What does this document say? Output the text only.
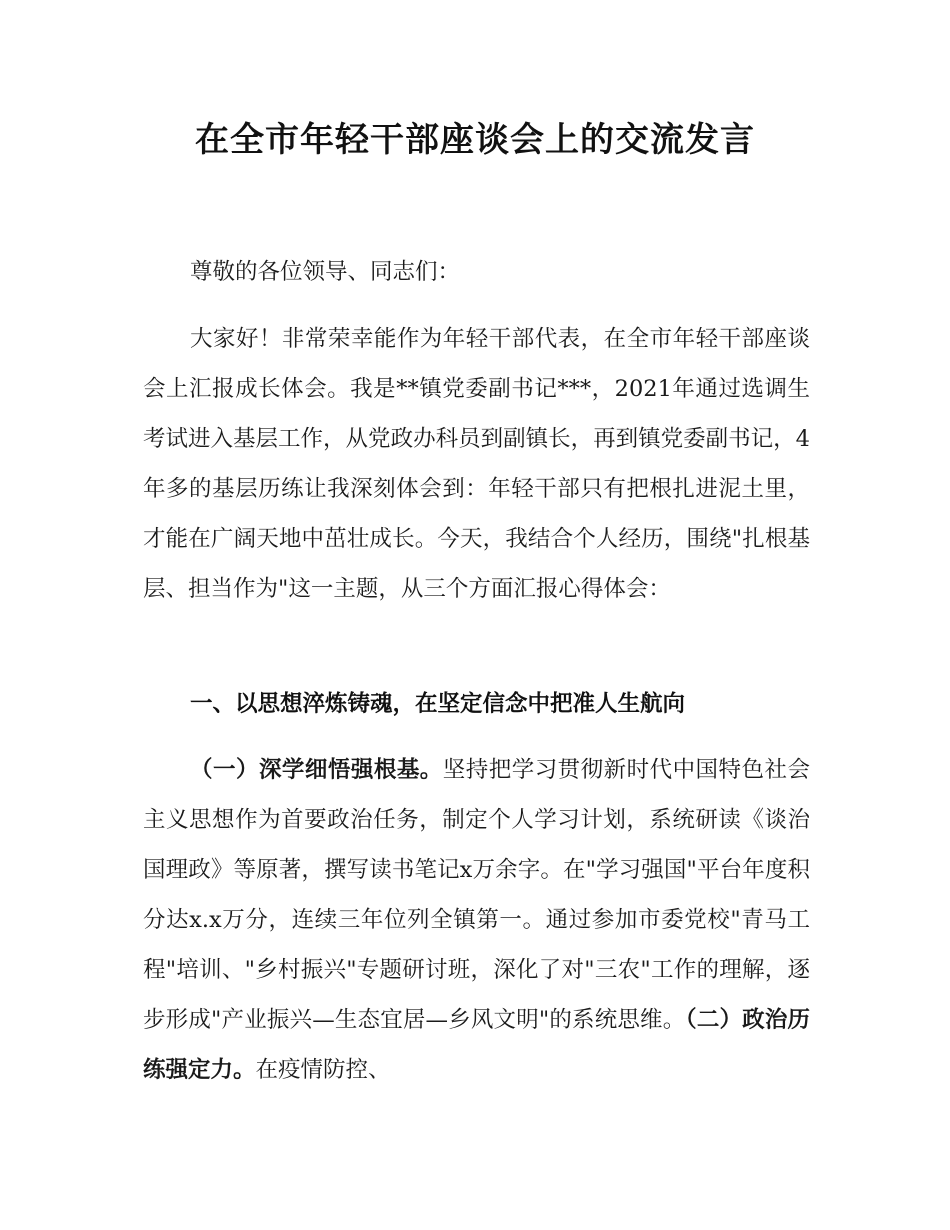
在全市年轻干部座谈会上的交流发言

尊敬的各位领导、同志们：

大家好！非常荣幸能作为年轻干部代表，在全市年轻干部座谈会上汇报成长体会。我是**镇党委副书记***，2021年通过选调生考试进入基层工作，从党政办科员到副镇长，再到镇党委副书记，4年多的基层历练让我深刻体会到：年轻干部只有把根扎进泥土里，才能在广阔天地中茁壮成长。今天，我结合个人经历，围绕"扎根基层、担当作为"这一主题，从三个方面汇报心得体会：

一、以思想淬炼铸魂，在坚定信念中把准人生航向

（一）深学细悟强根基。坚持把学习贯彻新时代中国特色社会主义思想作为首要政治任务，制定个人学习计划，系统研读《谈治国理政》等原著，撰写读书笔记x万余字。在"学习强国"平台年度积分达x.x万分，连续三年位列全镇第一。通过参加市委党校"青马工程"培训、"乡村振兴"专题研讨班，深化了对"三农"工作的理解，逐步形成"产业振兴—生态宜居—乡风文明"的系统思维。（二）政治历练强定力。在疫情防控、
